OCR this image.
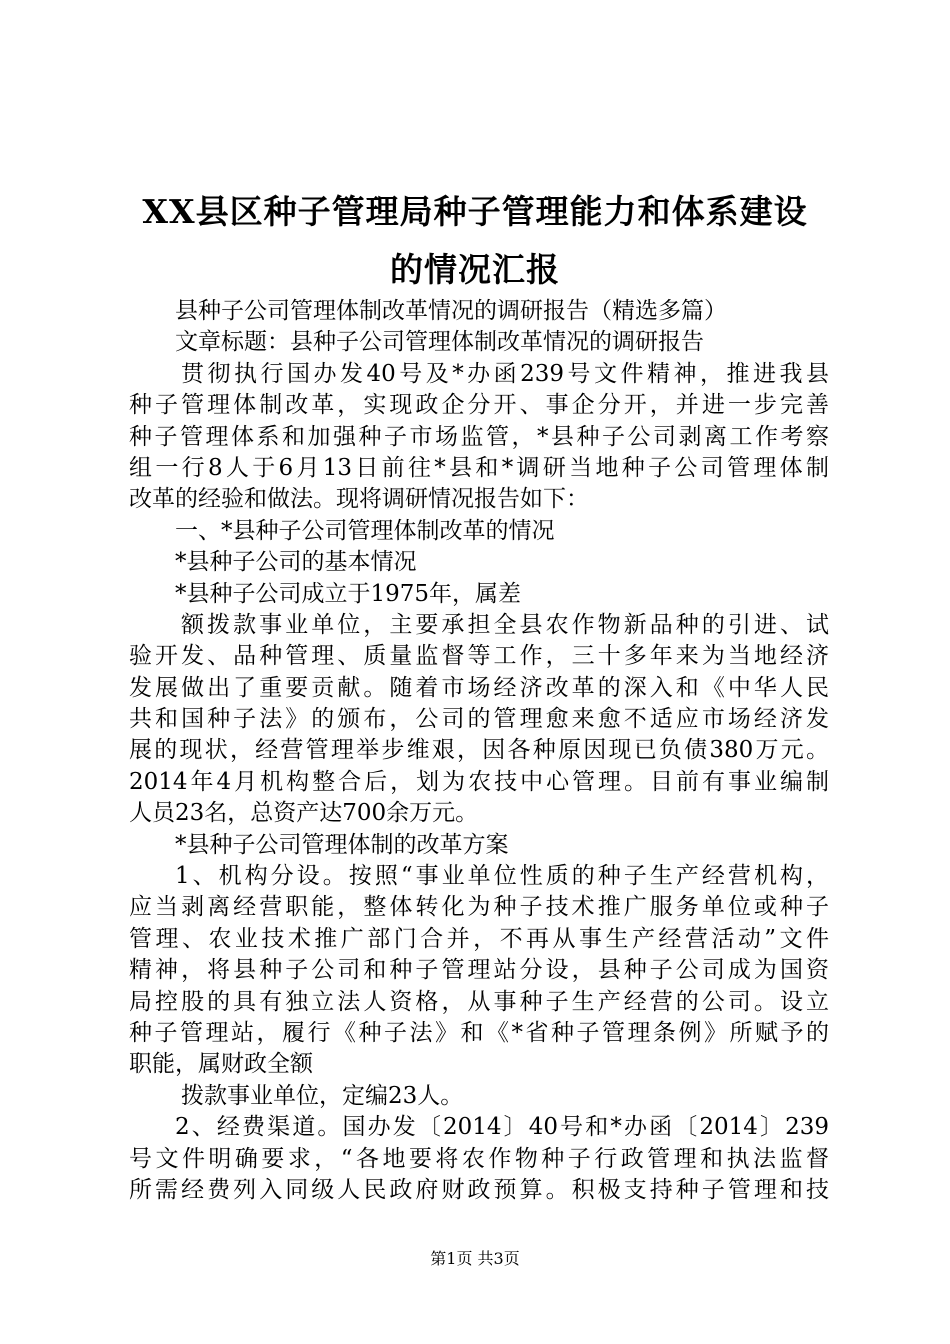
XX县区种子管理局种子管理能力和体系建设
的情况汇报
县种子公司管理体制改革情况的调研报告（精选多篇）
文章标题：县种子公司管理体制改革情况的调研报告
贯彻执行国办发40号及*办函239号文件精神，推进我县
种子管理体制改革，实现政企分开、事企分开，并进一步完善
种子管理体系和加强种子市场监管，*县种子公司剥离工作考察
组一行8人于6月13日前往*县和*调研当地种子公司管理体制
改革的经验和做法。现将调研情况报告如下：
一、*县种子公司管理体制改革的情况
*县种子公司的基本情况
*县种子公司成立于1975年，属差
额拨款事业单位，主要承担全县农作物新品种的引进、试
验开发、品种管理、质量监督等工作，三十多年来为当地经济
发展做出了重要贡献。随着市场经济改革的深入和《中华人民
共和国种子法》的颁布，公司的管理愈来愈不适应市场经济发
展的现状，经营管理举步维艰，因各种原因现已负债380万元。
2014年4月机构整合后，划为农技中心管理。目前有事业编制
人员23名，总资产达700余万元。
*县种子公司管理体制的改革方案
1、机构分设。按照“事业单位性质的种子生产经营机构，
应当剥离经营职能，整体转化为种子技术推广服务单位或种子
管理、农业技术推广部门合并，不再从事生产经营活动”文件
精神，将县种子公司和种子管理站分设，县种子公司成为国资
局控股的具有独立法人资格，从事种子生产经营的公司。设立
种子管理站，履行《种子法》和《*省种子管理条例》所赋予的
职能，属财政全额
拨款事业单位，定编23人。
2、经费渠道。国办发〔2014〕40号和*办函〔2014〕239
号文件明确要求，“各地要将农作物种子行政管理和执法监督
所需经费列入同级人民政府财政预算。积极支持种子管理和技
第1页 共3页
